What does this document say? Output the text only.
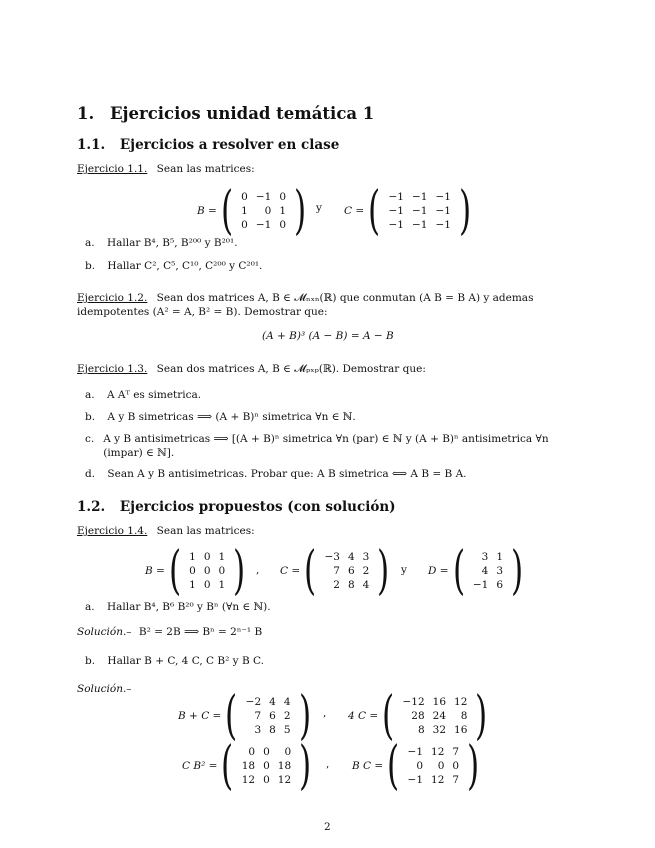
1. Ejercicios unidad temática 1
1.1. Ejercicios a resolver en clase
Ejercicio 1.1. Sean las matrices:
B = ( 0	−1	0
1	0	1
0	−1	0 ) y C = ( −1	−1	−1
−1	−1	−1
−1	−1	−1 )
a. Hallar B⁴, B⁵, B²⁰⁰ y B²⁰¹.
b. Hallar C², C⁵, C¹⁰, C²⁰⁰ y C²⁰¹.
Ejercicio 1.2. Sean dos matrices A, B ∈ 𝓜ₙₓₙ(ℝ) que conmutan (A B = B A) y ademas idempotentes (A² = A, B² = B). Demostrar que:
(A + B)³ (A − B) = A − B
Ejercicio 1.3. Sean dos matrices A, B ∈ 𝓜ₚₓₚ(ℝ). Demostrar que:
a. A Aᵀ es simetrica.
b. A y B simetricas ⟹ (A + B)ⁿ simetrica ∀n ∈ ℕ.
c. A y B antisimetricas ⟹ [(A + B)ⁿ simetrica ∀n (par) ∈ ℕ y (A + B)ⁿ antisimetrica ∀n (impar) ∈ ℕ].
d. Sean A y B antisimetricas. Probar que: A B simetrica ⟺ A B = B A.
1.2. Ejercicios propuestos (con solución)
Ejercicio 1.4. Sean las matrices:
B = ( 1	0	1
0	0	0
1	0	1 ) , C = ( −3	4	3
7	6	2
2	8	4 ) y D = ( 3	1
4	3
−1	6 )
a. Hallar B⁴, B⁶ B²⁰ y Bⁿ (∀n ∈ ℕ).
Solución.– B² = 2B ⟹ Bⁿ = 2ⁿ⁻¹ B
b. Hallar B + C, 4 C, C B² y B C.
Solución.–
B + C = ( −2	4	4
7	6	2
3	8	5 ) , 4 C = ( −12	16	12
28	24	8
8	32	16 )
C B² = ( 0	0	0
18	0	18
12	0	12 ) , B C = ( −1	12	7
0	0	0
−1	12	7 )
2
